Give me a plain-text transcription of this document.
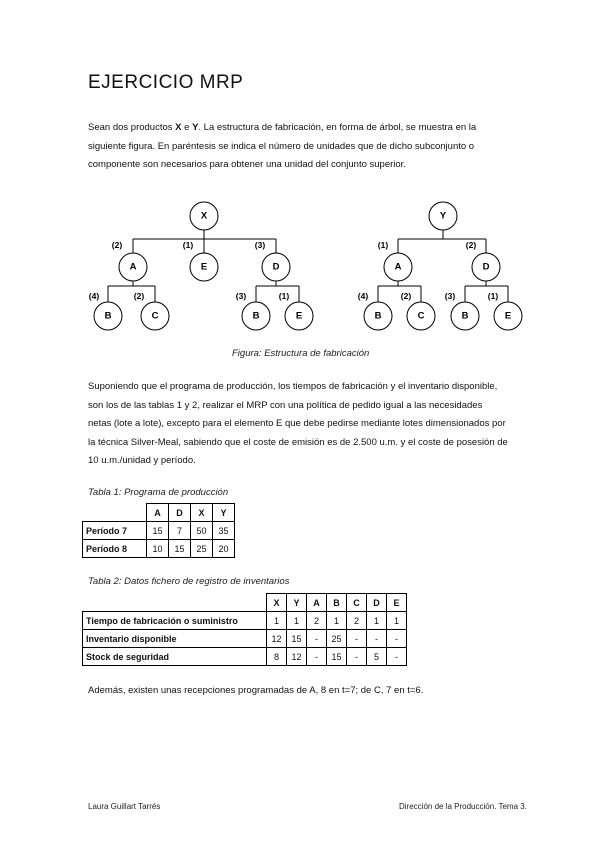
EJERCICIO MRP
Sean dos productos X e Y. La estructura de fabricación, en forma de árbol, se muestra en la siguiente figura. En paréntesis se indica el número de unidades que de dicho subconjunto o componente son necesarios para obtener una unidad del conjunto superior.
X
A	E	D
B	C	B	E
(2)	(1)	(3)
(4)	(2)	(3)	(1)
Y
A	D
B	C	B	E
(1)	(2)
(4)	(2)	(3)	(1)
Figura: Estructura de fabricación
Suponiendo que el programa de producción, los tiempos de fabricación y el inventario disponible, son los de las tablas 1 y 2, realizar el MRP con una política de pedido igual a las necesidades netas (lote a lote), excepto para el elemento E que debe pedirse mediante lotes dimensionados por la técnica Silver-Meal, sabiendo que el coste de emisión es de 2.500 u.m. y el coste de posesión de 10 u.m./unidad y período.
Tabla 1: Programa de producción
	A	D	X	Y
Período 7	15	7	50	35
Período 8	10	15	25	20
Tabla 2: Datos fichero de registro de inventarios
	X	Y	A	B	C	D	E
Tiempo de fabricación o suministro	1	1	2	1	2	1	1
Inventario disponible	12	15	-	25	-	-	-
Stock de seguridad	8	12	-	15	-	5	-
Además, existen unas recepciones programadas de A, 8 en t=7; de C, 7 en t=6.
Laura Guillart Tarrés	Dirección de la Producción. Tema 3.
